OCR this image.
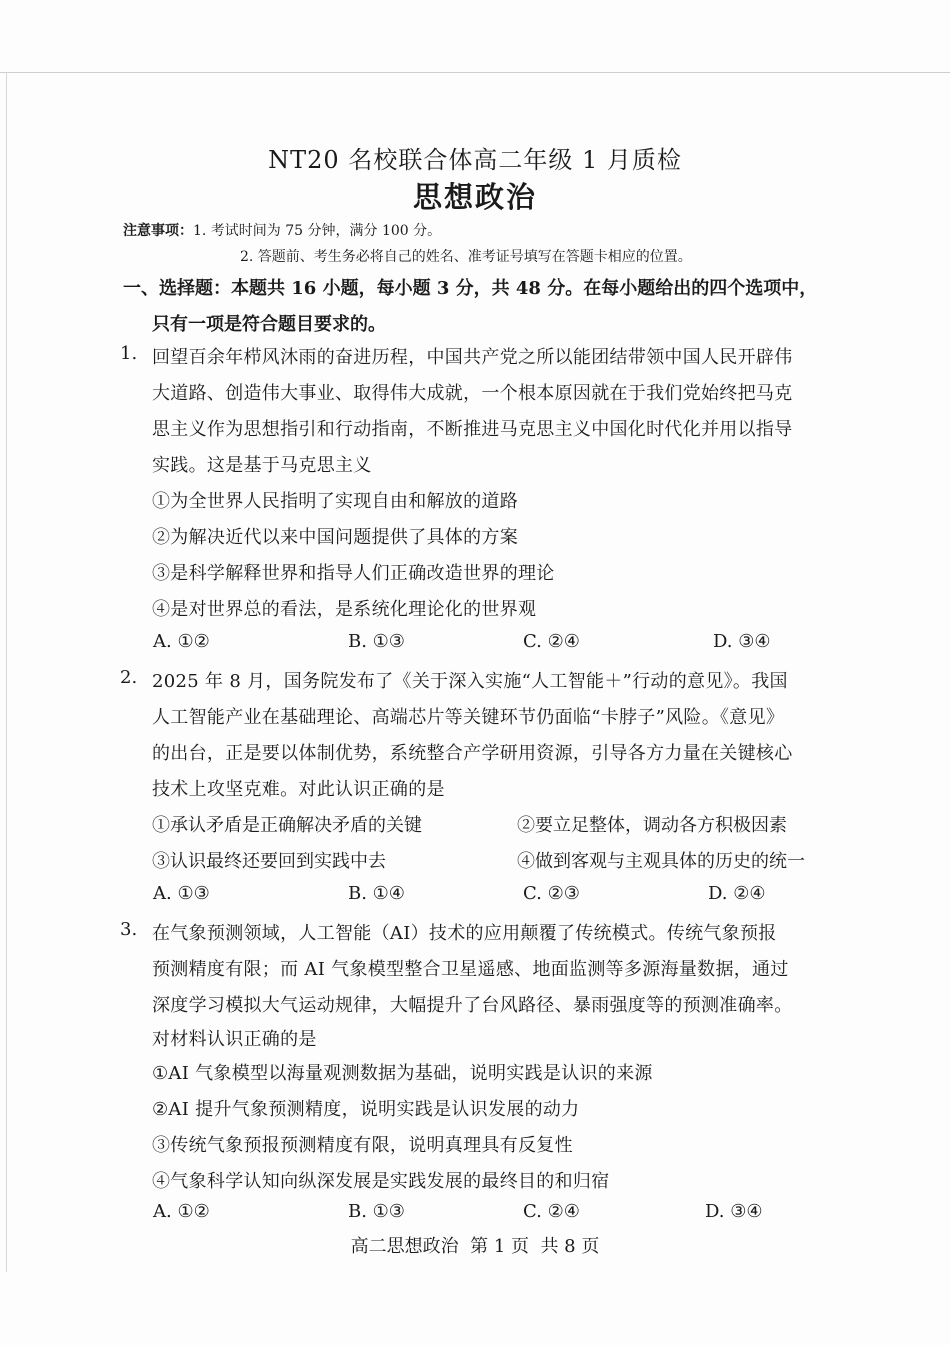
NT20 名校联合体高二年级 1 月质检
思想政治
注意事项：1. 考试时间为 75 分钟，满分 100 分。
2. 答题前、考生务必将自己的姓名、准考证号填写在答题卡相应的位置。
一、选择题：本题共 16 小题，每小题 3 分，共 48 分。在每小题给出的四个选项中，
只有一项是符合题目要求的。
1. 回望百余年栉风沐雨的奋进历程，中国共产党之所以能团结带领中国人民开辟伟
大道路、创造伟大事业、取得伟大成就，一个根本原因就在于我们党始终把马克
思主义作为思想指引和行动指南，不断推进马克思主义中国化时代化并用以指导
实践。这是基于马克思主义
①为全世界人民指明了实现自由和解放的道路
②为解决近代以来中国问题提供了具体的方案
③是科学解释世界和指导人们正确改造世界的理论
④是对世界总的看法，是系统化理论化的世界观
A. ①②	B. ①③	C. ②④	D. ③④
2. 2025 年 8 月，国务院发布了《关于深入实施“人工智能＋”行动的意见》。我国
人工智能产业在基础理论、高端芯片等关键环节仍面临“卡脖子”风险。《意见》
的出台，正是要以体制优势，系统整合产学研用资源，引导各方力量在关键核心
技术上攻坚克难。对此认识正确的是
①承认矛盾是正确解决矛盾的关键	②要立足整体，调动各方积极因素
③认识最终还要回到实践中去	④做到客观与主观具体的历史的统一
A. ①③	B. ①④	C. ②③	D. ②④
3. 在气象预测领域，人工智能（AI）技术的应用颠覆了传统模式。传统气象预报
预测精度有限；而 AI 气象模型整合卫星遥感、地面监测等多源海量数据，通过
深度学习模拟大气运动规律，大幅提升了台风路径、暴雨强度等的预测准确率。
对材料认识正确的是
①AI 气象模型以海量观测数据为基础，说明实践是认识的来源
②AI 提升气象预测精度，说明实践是认识发展的动力
③传统气象预报预测精度有限，说明真理具有反复性
④气象科学认知向纵深发展是实践发展的最终目的和归宿
A. ①②	B. ①③	C. ②④	D. ③④
高二思想政治  第 1 页  共 8 页
